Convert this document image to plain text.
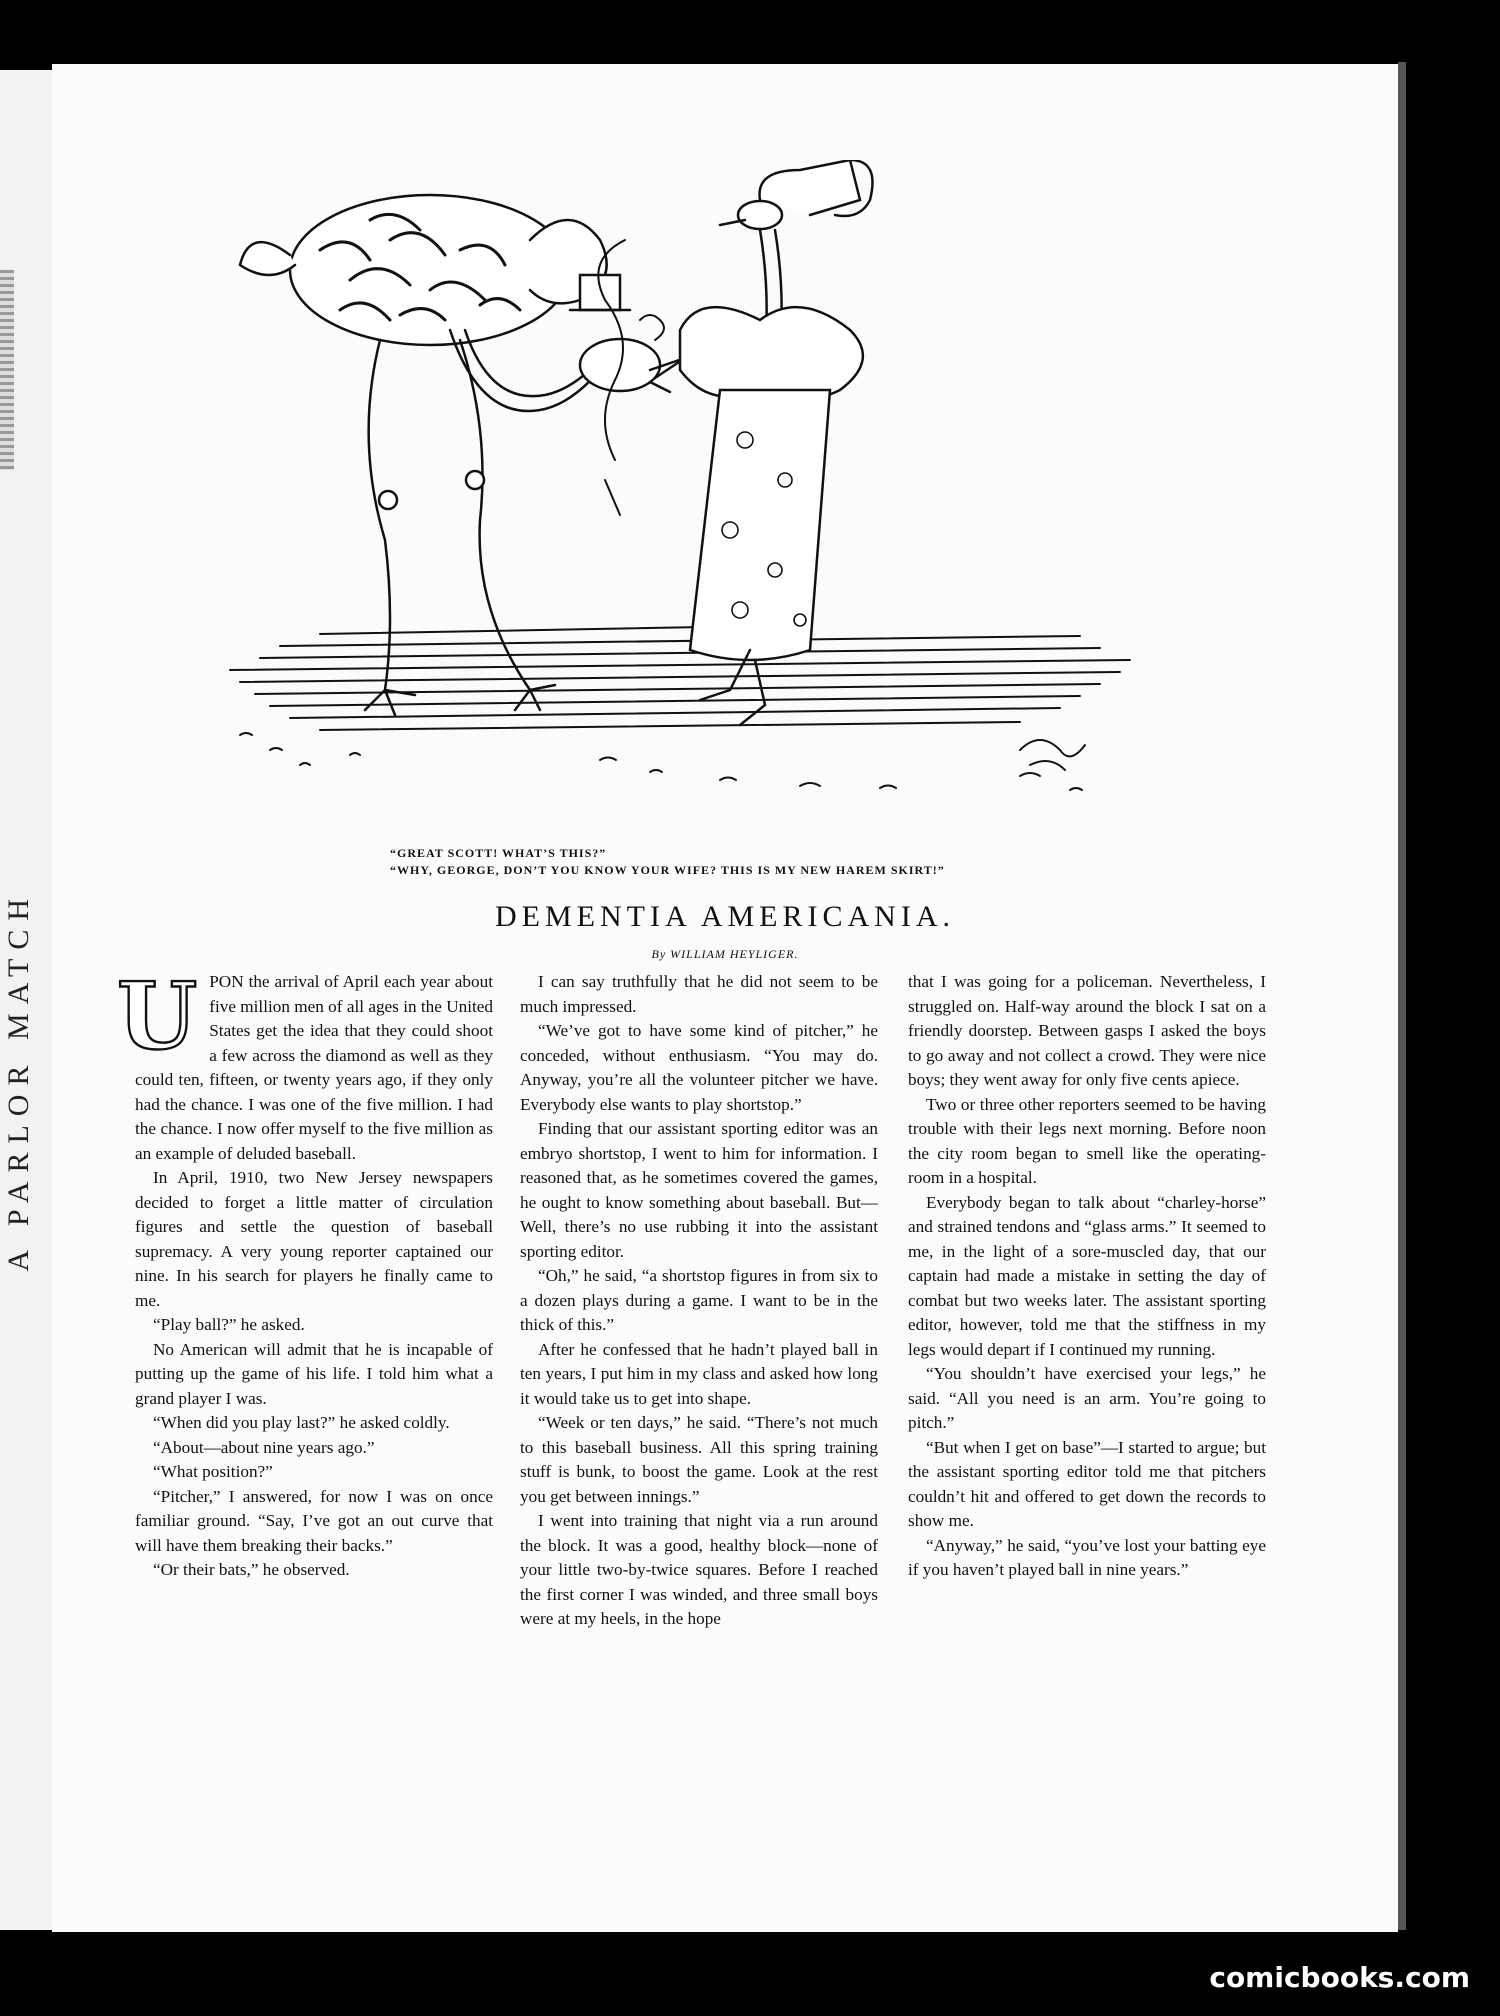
A PARLOR MATCH
“GREAT SCOTT! WHAT’S THIS?”
“WHY, GEORGE, DON’T YOU KNOW YOUR WIFE? THIS IS MY NEW HAREM SKIRT!”
DEMENTIA AMERICANIA.
By WILLIAM HEYLIGER.
U PON the arrival of April each year about five million men of all ages in the United States get the idea that they could shoot a few across the diamond as well as they could ten, fifteen, or twenty years ago, if they only had the chance. I was one of the five million. I had the chance. I now offer myself to the five million as an example of deluded baseball.

In April, 1910, two New Jersey newspapers decided to forget a little matter of circulation figures and settle the question of baseball supremacy. A very young reporter captained our nine. In his search for players he finally came to me.

“Play ball?” he asked.

No American will admit that he is incapable of putting up the game of his life. I told him what a grand player I was.

“When did you play last?” he asked coldly.

“About—about nine years ago.”

“What position?”

“Pitcher,” I answered, for now I was on once familiar ground. “Say, I’ve got an out curve that will have them breaking their backs.”

“Or their bats,” he observed.

I can say truthfully that he did not seem to be much impressed.

“We’ve got to have some kind of pitcher,” he conceded, without enthusiasm. “You may do. Anyway, you’re all the volunteer pitcher we have. Everybody else wants to play shortstop.”

Finding that our assistant sporting editor was an embryo shortstop, I went to him for information. I reasoned that, as he sometimes covered the games, he ought to know something about baseball. But— Well, there’s no use rubbing it into the assistant sporting editor.

“Oh,” he said, “a shortstop figures in from six to a dozen plays during a game. I want to be in the thick of this.”

After he confessed that he hadn’t played ball in ten years, I put him in my class and asked how long it would take us to get into shape.

“Week or ten days,” he said. “There’s not much to this baseball business. All this spring training stuff is bunk, to boost the game. Look at the rest you get between innings.”

I went into training that night via a run around the block. It was a good, healthy block—none of your little two-by-twice squares. Before I reached the first corner I was winded, and three small boys were at my heels, in the hope

that I was going for a policeman. Nevertheless, I struggled on. Half-way around the block I sat on a friendly doorstep. Between gasps I asked the boys to go away and not collect a crowd. They were nice boys; they went away for only five cents apiece.

Two or three other reporters seemed to be having trouble with their legs next morning. Before noon the city room began to smell like the operating-room in a hospital.

Everybody began to talk about “charley-horse” and strained tendons and “glass arms.” It seemed to me, in the light of a sore-muscled day, that our captain had made a mistake in setting the day of combat but two weeks later. The assistant sporting editor, however, told me that the stiffness in my legs would depart if I continued my running.

“You shouldn’t have exercised your legs,” he said. “All you need is an arm. You’re going to pitch.”

“But when I get on base”—I started to argue; but the assistant sporting editor told me that pitchers couldn’t hit and offered to get down the records to show me.

“Anyway,” he said, “you’ve lost your batting eye if you haven’t played ball in nine years.”

comicbooks.com
